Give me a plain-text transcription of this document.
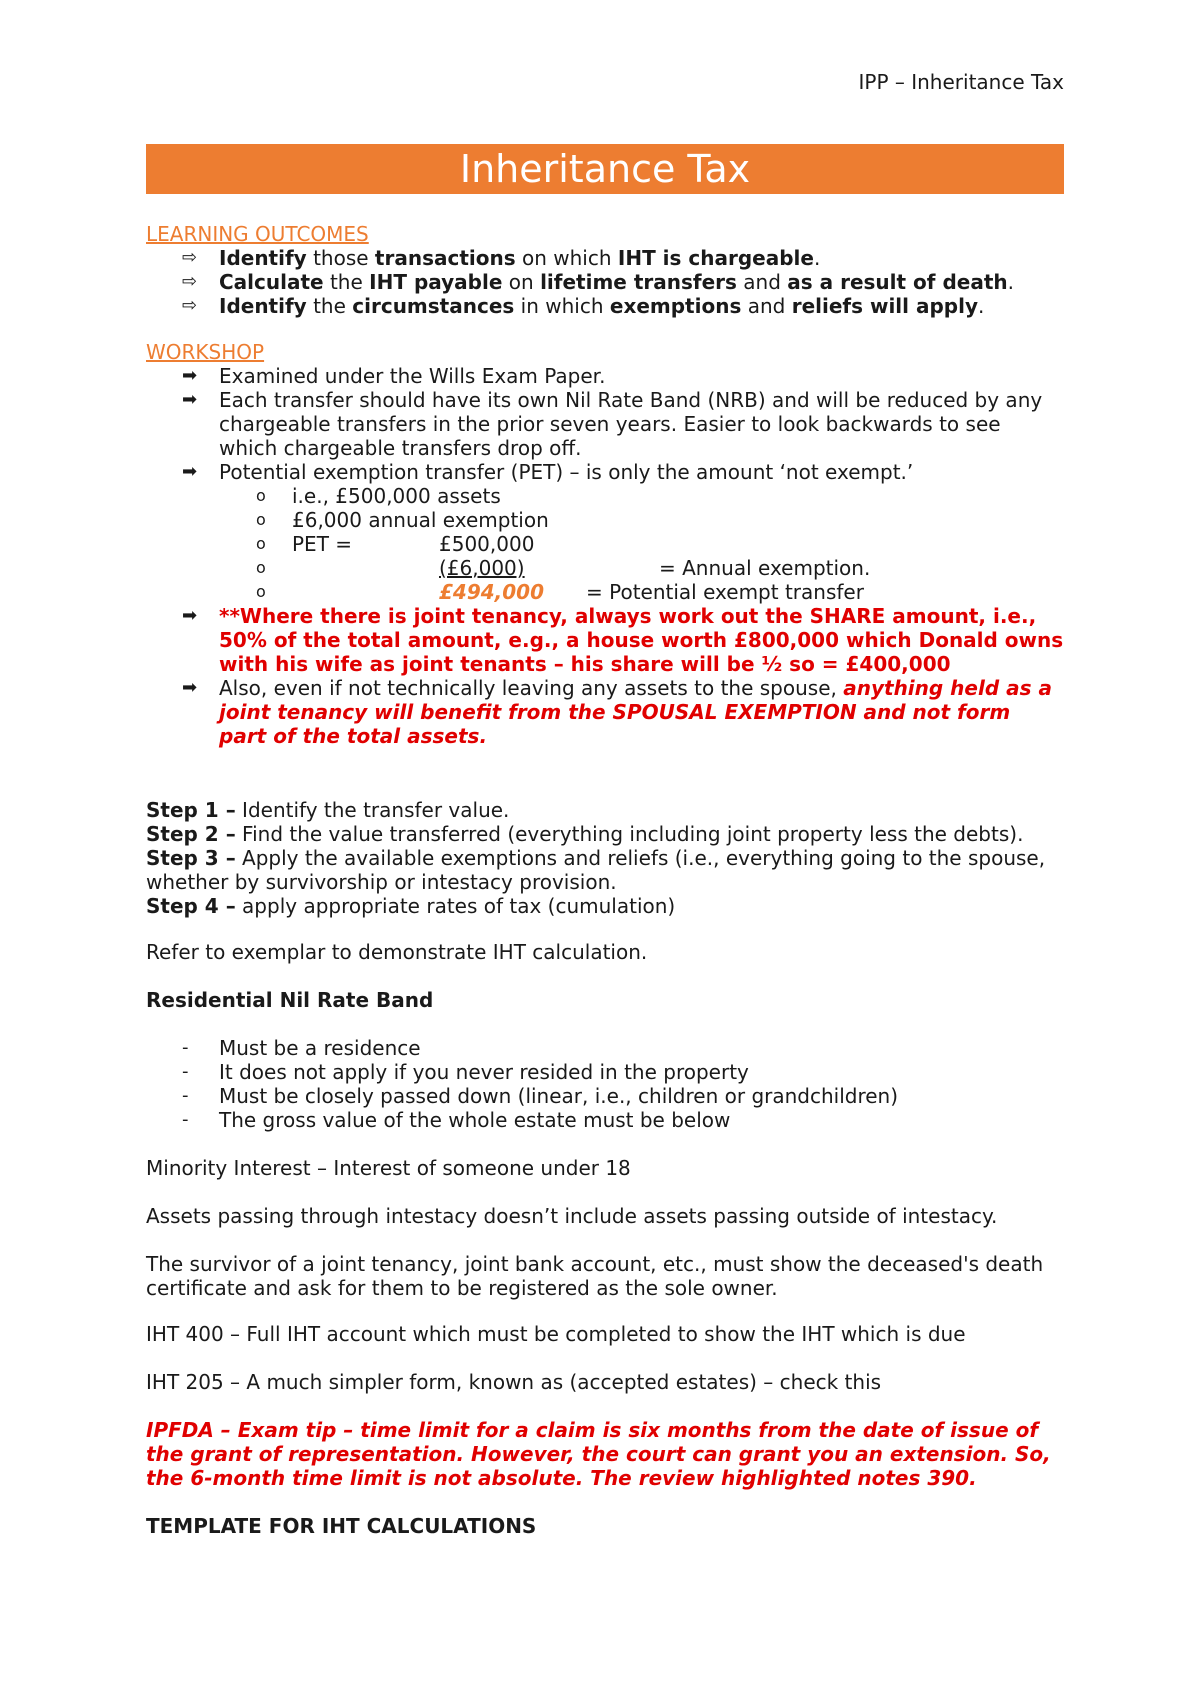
IPP – Inheritance Tax
Inheritance Tax
LEARNING OUTCOMES
⇨ Identify those transactions on which IHT is chargeable.
⇨ Calculate the IHT payable on lifetime transfers and as a result of death.
⇨ Identify the circumstances in which exemptions and reliefs will apply.
WORKSHOP
➡ Examined under the Wills Exam Paper.
➡ Each transfer should have its own Nil Rate Band (NRB) and will be reduced by any chargeable transfers in the prior seven years. Easier to look backwards to see which chargeable transfers drop off.
➡ Potential exemption transfer (PET) – is only the amount ‘not exempt.’
o i.e., £500,000 assets
o £6,000 annual exemption
o PET =	£500,000
o	(£6,000)	= Annual exemption.
o	£494,000 = Potential exempt transfer
➡ **Where there is joint tenancy, always work out the SHARE amount, i.e., 50% of the total amount, e.g., a house worth £800,000 which Donald owns with his wife as joint tenants – his share will be ½ so = £400,000
➡ Also, even if not technically leaving any assets to the spouse, anything held as a joint tenancy will benefit from the SPOUSAL EXEMPTION and not form part of the total assets.
Step 1 – Identify the transfer value.
Step 2 – Find the value transferred (everything including joint property less the debts).
Step 3 – Apply the available exemptions and reliefs (i.e., everything going to the spouse, whether by survivorship or intestacy provision.
Step 4 – apply appropriate rates of tax (cumulation)
Refer to exemplar to demonstrate IHT calculation.
Residential Nil Rate Band
- Must be a residence
- It does not apply if you never resided in the property
- Must be closely passed down (linear, i.e., children or grandchildren)
- The gross value of the whole estate must be below
Minority Interest – Interest of someone under 18
Assets passing through intestacy doesn’t include assets passing outside of intestacy.
The survivor of a joint tenancy, joint bank account, etc., must show the deceased's death certificate and ask for them to be registered as the sole owner.
IHT 400 – Full IHT account which must be completed to show the IHT which is due
IHT 205 – A much simpler form, known as (accepted estates) – check this
IPFDA – Exam tip – time limit for a claim is six months from the date of issue of the grant of representation. However, the court can grant you an extension. So, the 6-month time limit is not absolute. The review highlighted notes 390.
TEMPLATE FOR IHT CALCULATIONS
